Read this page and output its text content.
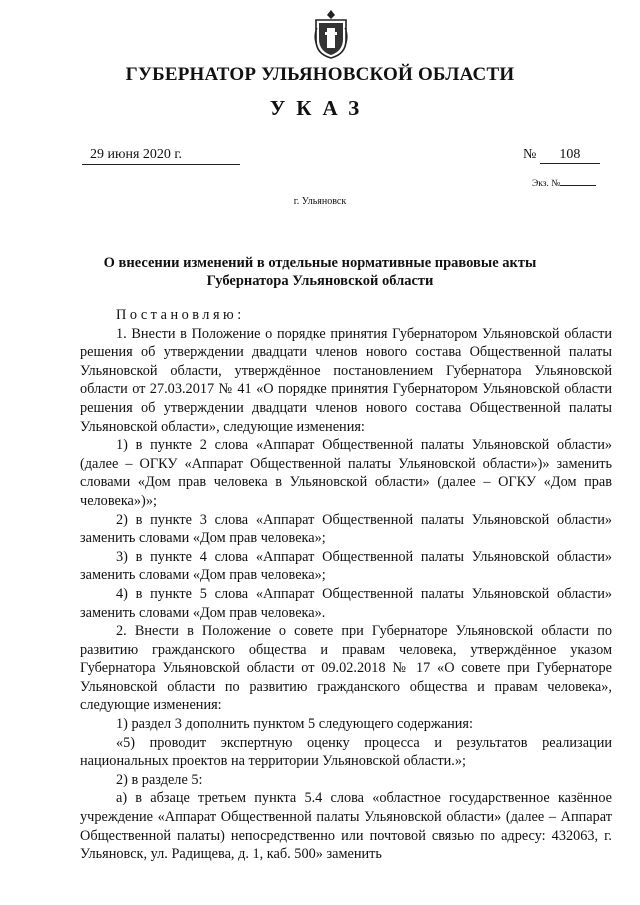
ГУБЕРНАТОР УЛЬЯНОВСКОЙ ОБЛАСТИ
УКАЗ
29 июня 2020 г.	№ 108
Экз. №
г. Ульяновск
О внесении изменений в отдельные нормативные правовые акты
Губернатора Ульяновской области

Постановляю:

1. Внести в Положение о порядке принятия Губернатором Ульяновской области решения об утверждении двадцати членов нового состава Общественной палаты Ульяновской области, утверждённое постановлением Губернатора Ульяновской области от 27.03.2017 № 41 «О порядке принятия Губернатором Ульяновской области решения об утверждении двадцати членов нового состава Общественной палаты Ульяновской области», следующие изменения:

1) в пункте 2 слова «Аппарат Общественной палаты Ульяновской области» (далее – ОГКУ «Аппарат Общественной палаты Ульяновской области»)» заменить словами «Дом прав человека в Ульяновской области» (далее – ОГКУ «Дом прав человека»)»;

2) в пункте 3 слова «Аппарат Общественной палаты Ульяновской области» заменить словами «Дом прав человека»;

3) в пункте 4 слова «Аппарат Общественной палаты Ульяновской области» заменить словами «Дом прав человека»;

4) в пункте 5 слова «Аппарат Общественной палаты Ульяновской области» заменить словами «Дом прав человека».

2. Внести в Положение о совете при Губернаторе Ульяновской области по развитию гражданского общества и правам человека, утверждённое указом Губернатора Ульяновской области от 09.02.2018 № 17 «О совете при Губернаторе Ульяновской области по развитию гражданского общества и правам человека», следующие изменения:

1) раздел 3 дополнить пунктом 5 следующего содержания:

«5) проводит экспертную оценку процесса и результатов реализации национальных проектов на территории Ульяновской области.»;

2) в разделе 5:

а) в абзаце третьем пункта 5.4 слова «областное государственное казённое учреждение «Аппарат Общественной палаты Ульяновской области» (далее – Аппарат Общественной палаты) непосредственно или почтовой связью по адресу: 432063, г. Ульяновск, ул. Радищева, д. 1, каб. 500» заменить
